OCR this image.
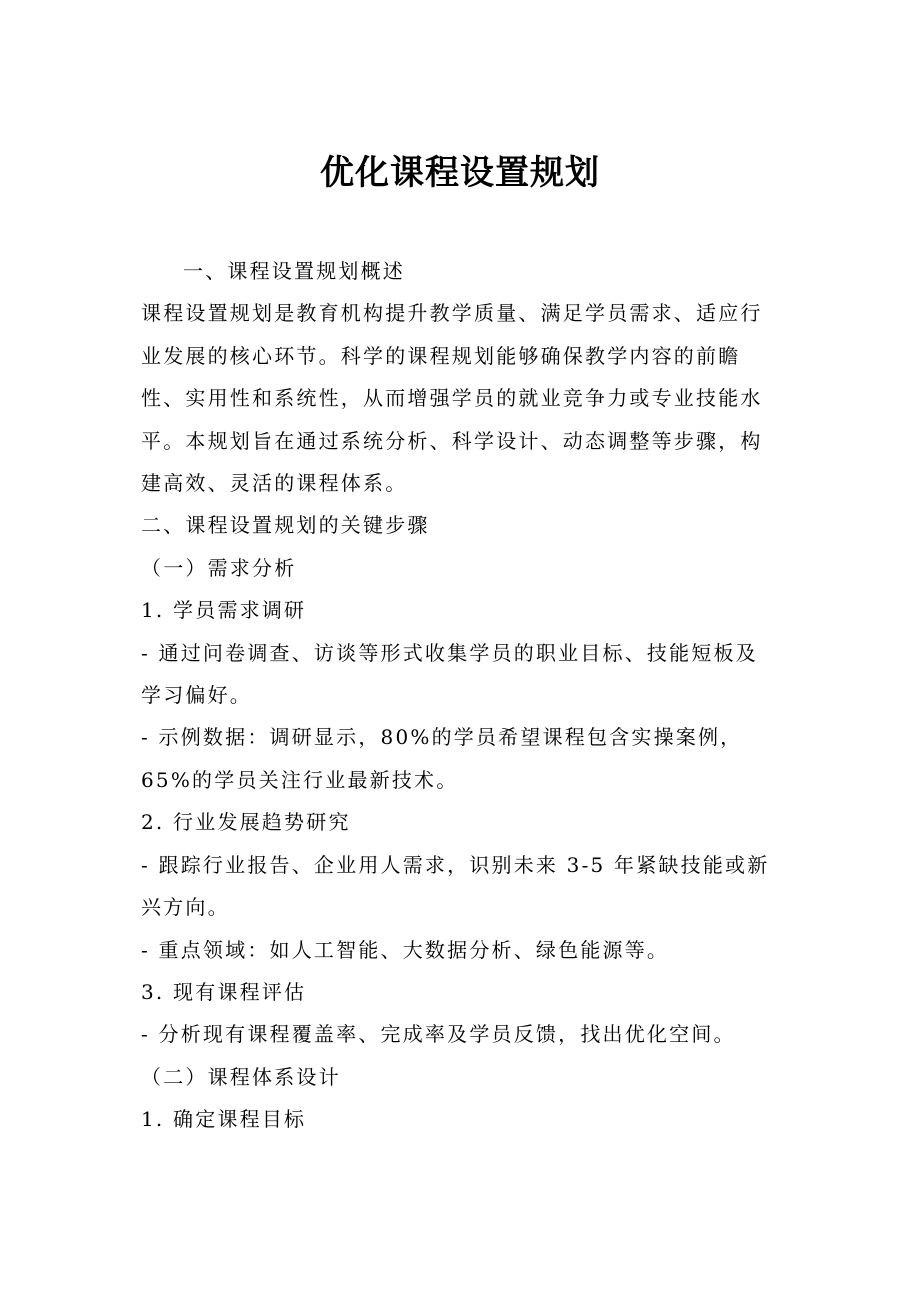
优化课程设置规划

一、课程设置规划概述

课程设置规划是教育机构提升教学质量、满足学员需求、适应行业发展的核心环节。科学的课程规划能够确保教学内容的前瞻性、实用性和系统性，从而增强学员的就业竞争力或专业技能水平。本规划旨在通过系统分析、科学设计、动态调整等步骤，构建高效、灵活的课程体系。

二、课程设置规划的关键步骤

（一）需求分析

1. 学员需求调研

- 通过问卷调查、访谈等形式收集学员的职业目标、技能短板及学习偏好。

- 示例数据：调研显示，80%的学员希望课程包含实操案例，65%的学员关注行业最新技术。

2. 行业发展趋势研究

- 跟踪行业报告、企业用人需求，识别未来 3-5 年紧缺技能或新兴方向。

- 重点领域：如人工智能、大数据分析、绿色能源等。

3. 现有课程评估

- 分析现有课程覆盖率、完成率及学员反馈，找出优化空间。

（二）课程体系设计

1. 确定课程目标
